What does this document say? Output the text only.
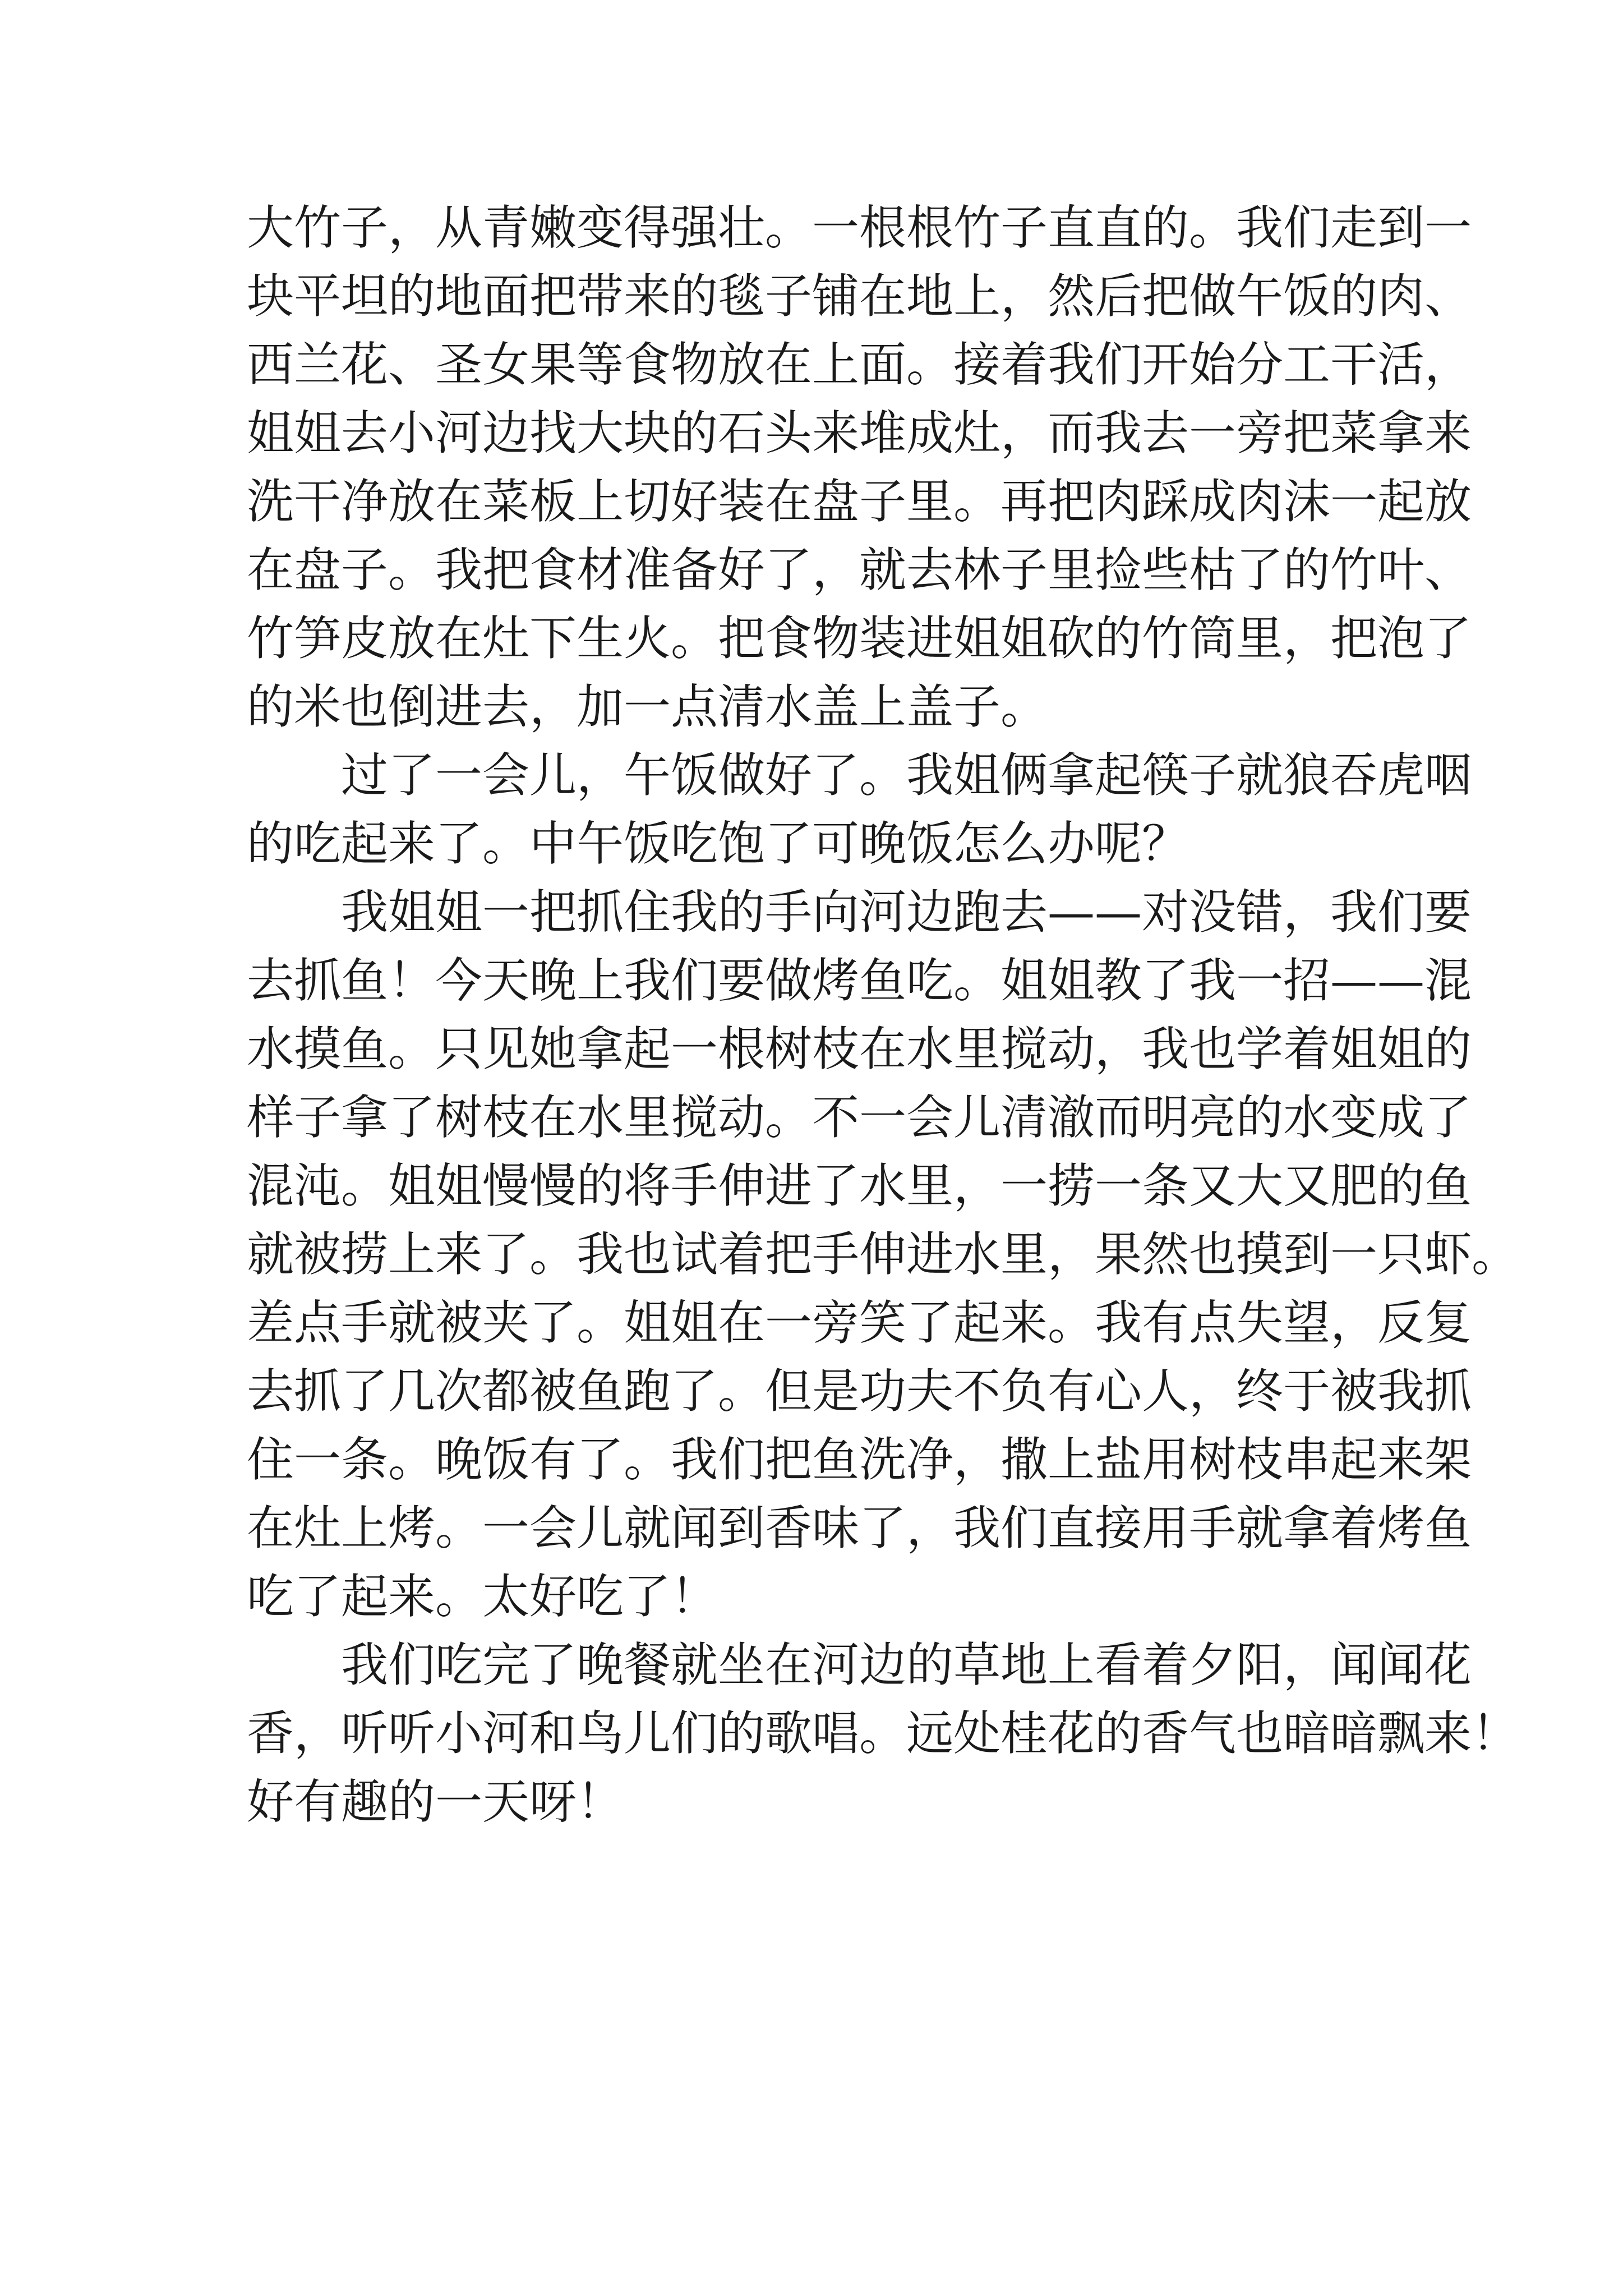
大竹子，从青嫩变得强壮。一根根竹子直直的。我们走到一
块平坦的地面把带来的毯子铺在地上，然后把做午饭的肉、
西兰花、圣女果等食物放在上面。接着我们开始分工干活，
姐姐去小河边找大块的石头来堆成灶，而我去一旁把菜拿来
洗干净放在菜板上切好装在盘子里。再把肉踩成肉沫一起放
在盘子。我把食材准备好了，就去林子里捡些枯了的竹叶、
竹笋皮放在灶下生火。把食物装进姐姐砍的竹筒里，把泡了
的米也倒进去，加一点清水盖上盖子。
过了一会儿，午饭做好了。我姐俩拿起筷子就狼吞虎咽
的吃起来了。中午饭吃饱了可晚饭怎么办呢？
我姐姐一把抓住我的手向河边跑去——对没错，我们要
去抓鱼！今天晚上我们要做烤鱼吃。姐姐教了我一招——混
水摸鱼。只见她拿起一根树枝在水里搅动，我也学着姐姐的
样子拿了树枝在水里搅动。不一会儿清澈而明亮的水变成了
混沌。姐姐慢慢的将手伸进了水里，一捞一条又大又肥的鱼
就被捞上来了。我也试着把手伸进水里，果然也摸到一只虾。
差点手就被夹了。姐姐在一旁笑了起来。我有点失望，反复
去抓了几次都被鱼跑了。但是功夫不负有心人，终于被我抓
住一条。晚饭有了。我们把鱼洗净，撒上盐用树枝串起来架
在灶上烤。一会儿就闻到香味了，我们直接用手就拿着烤鱼
吃了起来。太好吃了！
我们吃完了晚餐就坐在河边的草地上看着夕阳，闻闻花
香，听听小河和鸟儿们的歌唱。远处桂花的香气也暗暗飘来！
好有趣的一天呀！
